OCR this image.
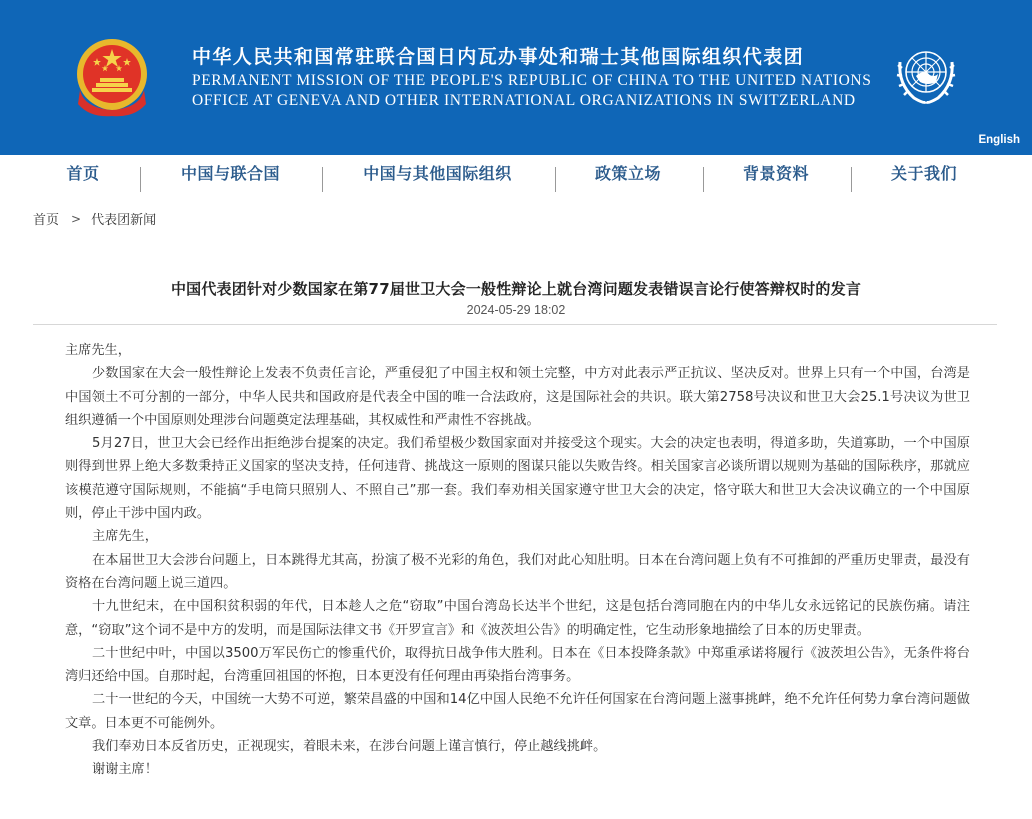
中华人民共和国常驻联合国日内瓦办事处和瑞士其他国际组织代表团
PERMANENT MISSION OF THE PEOPLE'S REPUBLIC OF CHINA TO THE UNITED NATIONS
OFFICE AT GENEVA AND OTHER INTERNATIONAL ORGANIZATIONS IN SWITZERLAND
English
首页	中国与联合国	中国与其他国际组织	政策立场	背景资料	关于我们
首页 > 代表团新闻
中国代表团针对少数国家在第77届世卫大会一般性辩论上就台湾问题发表错误言论行使答辩权时的发言
2024-05-29 18:02

主席先生，

少数国家在大会一般性辩论上发表不负责任言论，严重侵犯了中国主权和领土完整，中方对此表示严正抗议、坚决反对。世界上只有一个中国，台湾是中国领土不可分割的一部分，中华人民共和国政府是代表全中国的唯一合法政府，这是国际社会的共识。联大第2758号决议和世卫大会25.1号决议为世卫组织遵循一个中国原则处理涉台问题奠定法理基础，其权威性和严肃性不容挑战。

5月27日，世卫大会已经作出拒绝涉台提案的决定。我们希望极少数国家面对并接受这个现实。大会的决定也表明，得道多助，失道寡助，一个中国原则得到世界上绝大多数秉持正义国家的坚决支持，任何违背、挑战这一原则的图谋只能以失败告终。相关国家言必谈所谓以规则为基础的国际秩序，那就应该模范遵守国际规则，不能搞“手电筒只照别人、不照自己”那一套。我们奉劝相关国家遵守世卫大会的决定，恪守联大和世卫大会决议确立的一个中国原则，停止干涉中国内政。

主席先生，

在本届世卫大会涉台问题上，日本跳得尤其高，扮演了极不光彩的角色，我们对此心知肚明。日本在台湾问题上负有不可推卸的严重历史罪责，最没有资格在台湾问题上说三道四。

十九世纪末，在中国积贫积弱的年代，日本趁人之危“窃取”中国台湾岛长达半个世纪，这是包括台湾同胞在内的中华儿女永远铭记的民族伤痛。请注意，“窃取”这个词不是中方的发明，而是国际法律文书《开罗宣言》和《波茨坦公告》的明确定性，它生动形象地描绘了日本的历史罪责。

二十世纪中叶，中国以3500万军民伤亡的惨重代价，取得抗日战争伟大胜利。日本在《日本投降条款》中郑重承诺将履行《波茨坦公告》，无条件将台湾归还给中国。自那时起，台湾重回祖国的怀抱，日本更没有任何理由再染指台湾事务。

二十一世纪的今天，中国统一大势不可逆，繁荣昌盛的中国和14亿中国人民绝不允许任何国家在台湾问题上滋事挑衅，绝不允许任何势力拿台湾问题做文章。日本更不可能例外。

我们奉劝日本反省历史，正视现实，着眼未来，在涉台问题上谨言慎行，停止越线挑衅。

谢谢主席！
